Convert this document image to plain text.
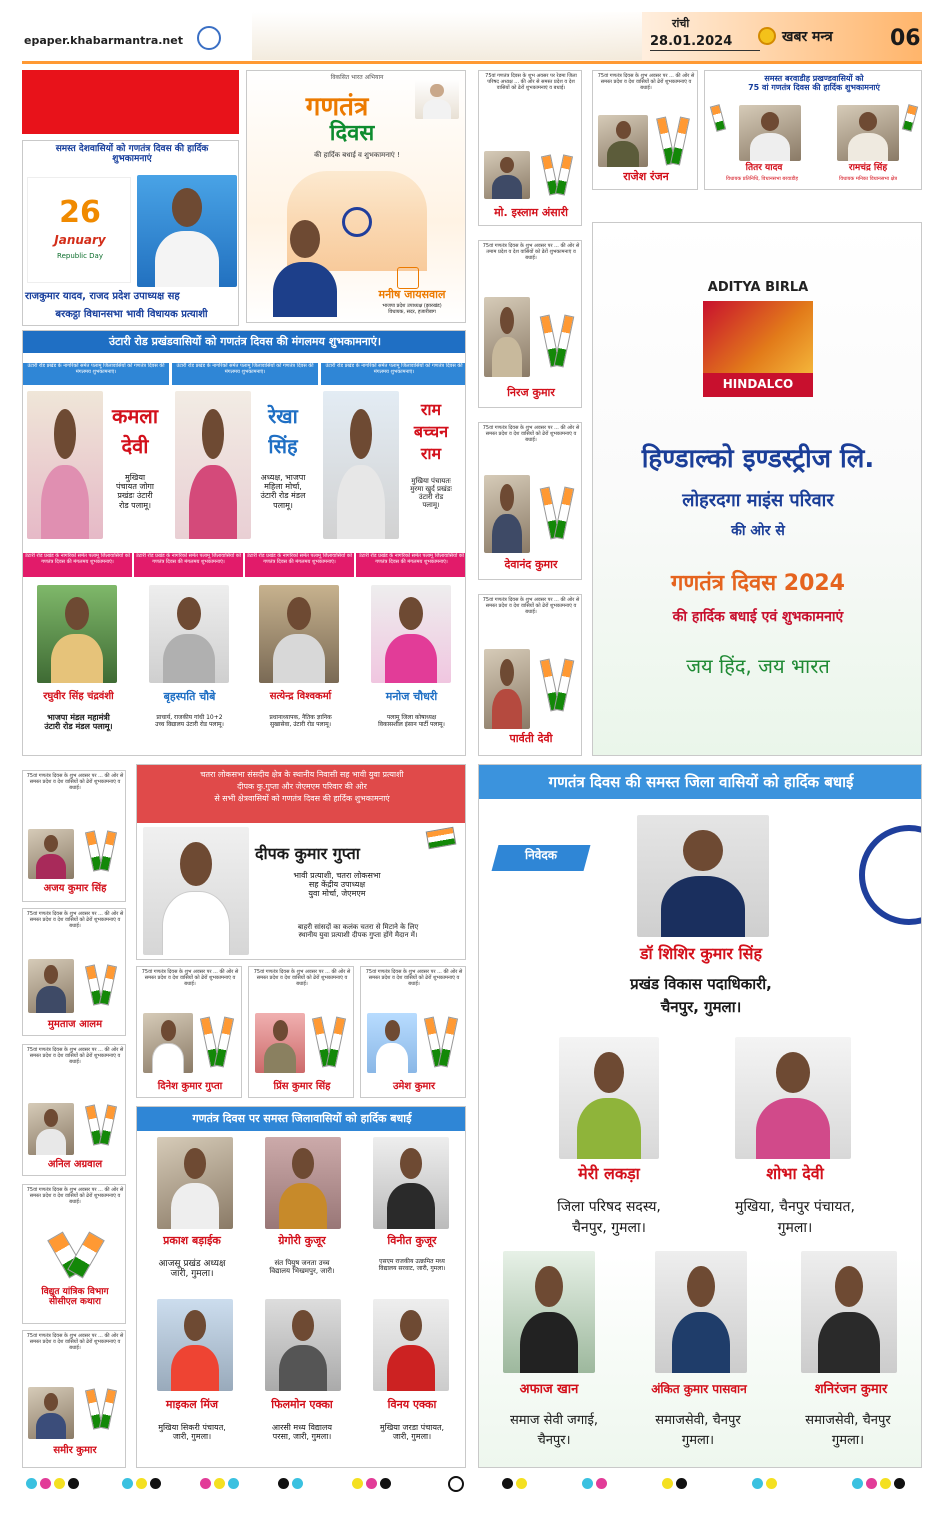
epaper.khabarmantra.net
रांची
28.01.2024	खबर मन्त्र	06
समस्त देशवासियों को गणतंत्र दिवस की हार्दिक शुभकामनाएं
26
January
Republic Day
राजकुमार यादव, राजद प्रदेश उपाध्यक्ष सह
बरकट्ठा विधानसभा भावी विधायक प्रत्याशी
विकसित भारत अभियान
गणतंत्र
दिवस
की हार्दिक बधाई व शुभकामनाएं !
मनीष जायसवाल
भाजपा प्रदेश उपाध्यक्ष (झारखंड)
विधायक, सदर, हजारीबाग
75वां गणतंत्र दिवस के शुभ अवसर पर रेडमा जिला परिषद अध्यक्ष ... की ओर से समस्त प्रदेश व देश वासियों को ढेरों शुभकामनाएं व बधाई।
मो. इस्लाम अंसारी
75वां गणतंत्र दिवस के शुभ अवसर पर ... की ओर से तमाम प्रदेश व देश वासियों को ढेरों शुभकामनाएं व बधाई।
निरज कुमार
75वां गणतंत्र दिवस के शुभ अवसर पर ... की ओर से समस्त प्रदेश व देश वासियों को ढेरों शुभकामनाएं व बधाई।
देवानंद कुमार
75वां गणतंत्र दिवस के शुभ अवसर पर ... की ओर से समस्त प्रदेश व देश वासियों को ढेरों शुभकामनाएं व बधाई।
पार्वती देवी
75वां गणतंत्र दिवस के शुभ अवसर पर ... की ओर से समस्त प्रदेश व देश वासियों को ढेरों शुभकामनाएं व बधाई।
राजेश रंजन
समस्त बरवाडीह प्रखण्डवासियों को
75 वां गणतंत्र दिवस की हार्दिक शुभकामनाएं
तितर यादव
विधायक प्रतिनिधि, विधानसभा बरवाडीह
रामचंद्र सिंह
विधायक मनिका विधानसभा क्षेत्र
उंटारी रोड प्रखंडवासियों को गणतंत्र दिवस की मंगलमय शुभकामनाएं।
उंटारी रोड प्रखंड के नागरिकों समेत पलामू जिलावासियों को गणतंत्र दिवस की मंगलमय शुभकामनाएं।
उंटारी रोड प्रखंड के नागरिकों समेत पलामू जिलावासियों को गणतंत्र दिवस की मंगलमय शुभकामनाएं।
उंटारी रोड प्रखंड के नागरिकों समेत पलामू जिलावासियों को गणतंत्र दिवस की मंगलमय शुभकामनाएं।
कमला
देवी
मुखिया
पंचायत जोगा
प्रखंडः उंटारी
रोड पलामू।
रेखा
सिंह
अध्यक्ष, भाजपा
महिला मोर्चा,
उंटारी रोड मंडल
पलामू।
राम
बच्चन
राम
मुखिया पंचायतः
मुरमा खुर्द प्रखंडः
उंटारी रोड
पलामू।
उंटारी रोड प्रखंड के नागरिकों समेत पलामू जिलावासियों को गणतंत्र दिवस की मंगलमय शुभकामनाएं।
उंटारी रोड प्रखंड के नागरिकों समेत पलामू जिलावासियों को गणतंत्र दिवस की मंगलमय शुभकामनाएं।
उंटारी रोड प्रखंड के नागरिकों समेत पलामू जिलावासियों को गणतंत्र दिवस की मंगलमय शुभकामनाएं।
उंटारी रोड प्रखंड के नागरिकों समेत पलामू जिलावासियों को गणतंत्र दिवस की मंगलमय शुभकामनाएं।
रघुवीर सिंह चंद्रवंशी
भाजपा मंडल महामंत्री
उंटारी रोड मंडल पलामू।
बृहस्पति चौबे
प्राचार्य, राजकीय गांधी 10+2
उच्च विद्यालय उंटारी रोड पलामू।
सत्येन्द्र विश्वकर्मा
प्रधानाध्यापक, नैतिक ज्ञानिक
सुखासेवा, उंटारी रोड पलामू।
मनोज चौधरी
पलामू जिला कोषाध्यक्ष
विकासशील इंसान पार्टी पलामू।
ADITYA BIRLA
HINDALCO
हिण्डाल्को इण्डस्ट्रीज लि.
लोहरदगा माइंस परिवार
की ओर से
गणतंत्र दिवस 2024
की हार्दिक बधाई एवं शुभकामनाएं
जय हिंद, जय भारत
75वां गणतंत्र दिवस के शुभ अवसर पर ... की ओर से समस्त प्रदेश व देश वासियों को ढेरों शुभकामनाएं व बधाई।
अजय कुमार सिंह
75वां गणतंत्र दिवस के शुभ अवसर पर ... की ओर से समस्त प्रदेश व देश वासियों को ढेरों शुभकामनाएं व बधाई।
मुमताज आलम
75वां गणतंत्र दिवस के शुभ अवसर पर ... की ओर से समस्त प्रदेश व देश वासियों को ढेरों शुभकामनाएं व बधाई।
अनिल अग्रवाल
75वां गणतंत्र दिवस के शुभ अवसर पर ... की ओर से समस्त प्रदेश व देश वासियों को ढेरों शुभकामनाएं व बधाई।
विद्युत यांत्रिक विभाग
सीसीएल कथारा
75वां गणतंत्र दिवस के शुभ अवसर पर ... की ओर से समस्त प्रदेश व देश वासियों को ढेरों शुभकामनाएं व बधाई।
समीर कुमार
चतरा लोकसभा संसदीय क्षेत्र के स्थानीय निवासी सह भावी युवा प्रत्याशी
दीपक कु.गुप्ता और जेएमएम परिवार की ओर
से सभी क्षेत्रवासियों को गणतंत्र दिवस की हार्दिक शुभकामनाएं
दीपक कुमार गुप्ता
भावी प्रत्याशी, चतरा लोकसभा
सह केंद्रीय उपाध्यक्ष
युवा मोर्चा, जेएमएम
बाहरी सांसदों का कलंक चतरा से मिटाने के लिए
स्थानीय युवा प्रत्याशी दीपक गुप्ता होंगे मैदान में।
75वां गणतंत्र दिवस के शुभ अवसर पर ... की ओर से समस्त प्रदेश व देश वासियों को ढेरों शुभकामनाएं व बधाई।
दिनेश कुमार गुप्ता
75वां गणतंत्र दिवस के शुभ अवसर पर ... की ओर से समस्त प्रदेश व देश वासियों को ढेरों शुभकामनाएं व बधाई।
प्रिंस कुमार सिंह
75वां गणतंत्र दिवस के शुभ अवसर पर ... की ओर से समस्त प्रदेश व देश वासियों को ढेरों शुभकामनाएं व बधाई।
उमेश कुमार
गणतंत्र दिवस पर समस्त जिलावासियों को हार्दिक बधाई
प्रकाश बड़ाईक	ग्रेगोरी कुजूर	विनीत कुजूर
आजसू प्रखंड अध्यक्ष
जारी, गुमला।
संत पियुष जनता उच्च
विद्यालय भिखमपुर, जारी।
एसएम राजकीय उत्क्रमित मध्य
विद्यालय सरवाट, जारी, गुमला।
माइकल मिंज	फिलमोन एक्का	विनय एक्का
मुखिया सिकरी पंचायत,
जारी, गुमला।
आरसी मध्य विद्यालय
परसा, जारी, गुमला।
मुखिया जरडा पंचायत,
जारी, गुमला।
गणतंत्र दिवस की समस्त जिला वासियों को हार्दिक बधाई
निवेदक
डॉ शिशिर कुमार सिंह
प्रखंड विकास पदाधिकारी,
चैनपुर, गुमला।
मेरी लकड़ा	शोभा देवी
जिला परिषद सदस्य,
चैनपुर, गुमला।
मुखिया, चैनपुर पंचायत,
गुमला।
अफाज खान	अंकित कुमार पासवान	शनिरंजन कुमार
समाज सेवी जगाई,
चैनपुर।
समाजसेवी, चैनपुर
गुमला।
समाजसेवी, चैनपुर
गुमला।
